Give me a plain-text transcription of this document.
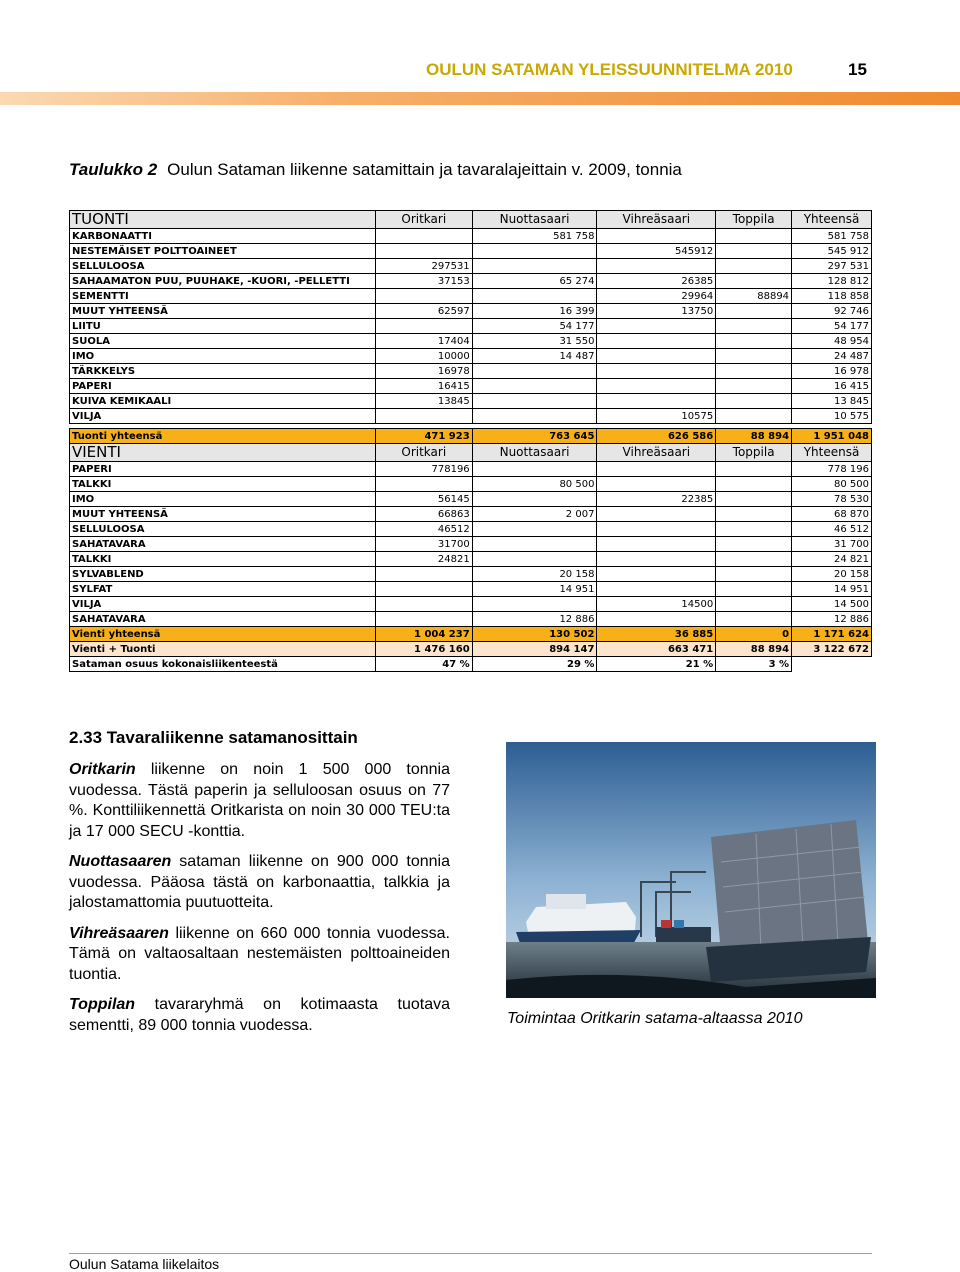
OULUN SATAMAN YLEISSUUNNITELMA 2010	15
Taulukko 2 Oulun Sataman liikenne satamittain ja tavaralajeittain v. 2009, tonnia
TUONTI	Oritkari	Nuottasaari	Vihreäsaari	Toppila	Yhteensä
KARBONAATTI		581 758			581 758
NESTEMÄISET POLTTOAINEET			545912		545 912
SELLULOOSA	297531				297 531
SAHAAMATON PUU, PUUHAKE, -KUORI, -PELLETTI	37153	65 274	26385		128 812
SEMENTTI			29964	88894	118 858
MUUT YHTEENSÄ	62597	16 399	13750		92 746
LIITU		54 177			54 177
SUOLA	17404	31 550			48 954
IMO	10000	14 487			24 487
TÄRKKELYS	16978				16 978
PAPERI	16415				16 415
KUIVA KEMIKAALI	13845				13 845
VILJA			10575		10 575

Tuonti yhteensä	471 923	763 645	626 586	88 894	1 951 048
VIENTI	Oritkari	Nuottasaari	Vihreäsaari	Toppila	Yhteensä
PAPERI	778196				778 196
TALKKI		80 500			80 500
IMO	56145		22385		78 530
MUUT YHTEENSÄ	66863	2 007			68 870
SELLULOOSA	46512				46 512
SAHATAVARA	31700				31 700
TALKKI	24821				24 821
SYLVABLEND		20 158			20 158
SYLFAT		14 951			14 951
VILJA			14500		14 500
SAHATAVARA		12 886			12 886
Vienti yhteensä	1 004 237	130 502	36 885	0	1 171 624
Vienti + Tuonti	1 476 160	894 147	663 471	88 894	3 122 672
Sataman osuus kokonaisliikenteestä	47 %	29 %	21 %	3 %	
2.33 Tavaraliikenne satamanosittain

Oritkarin liikenne on noin 1 500 000 tonnia vuodessa. Tästä paperin ja selluloosan osuus on 77 %. Konttiliikennettä Oritkarista on noin 30 000 TEU:ta ja 17 000 SECU -konttia.

Nuottasaaren sataman liikenne on 900 000 tonnia vuodessa. Pääosa tästä on karbonaattia, talkkia ja jalostamattomia puutuotteita.

Vihreäsaaren liikenne on 660 000 tonnia vuodessa. Tämä on valtaosaltaan nestemäisten polttoaineiden tuontia.

Toppilan tavararyhmä on kotimaasta tuotava sementti, 89 000 tonnia vuodessa.	Toimintaa Oritkarin satama-altaassa 2010
Oulun Satama liikelaitos
